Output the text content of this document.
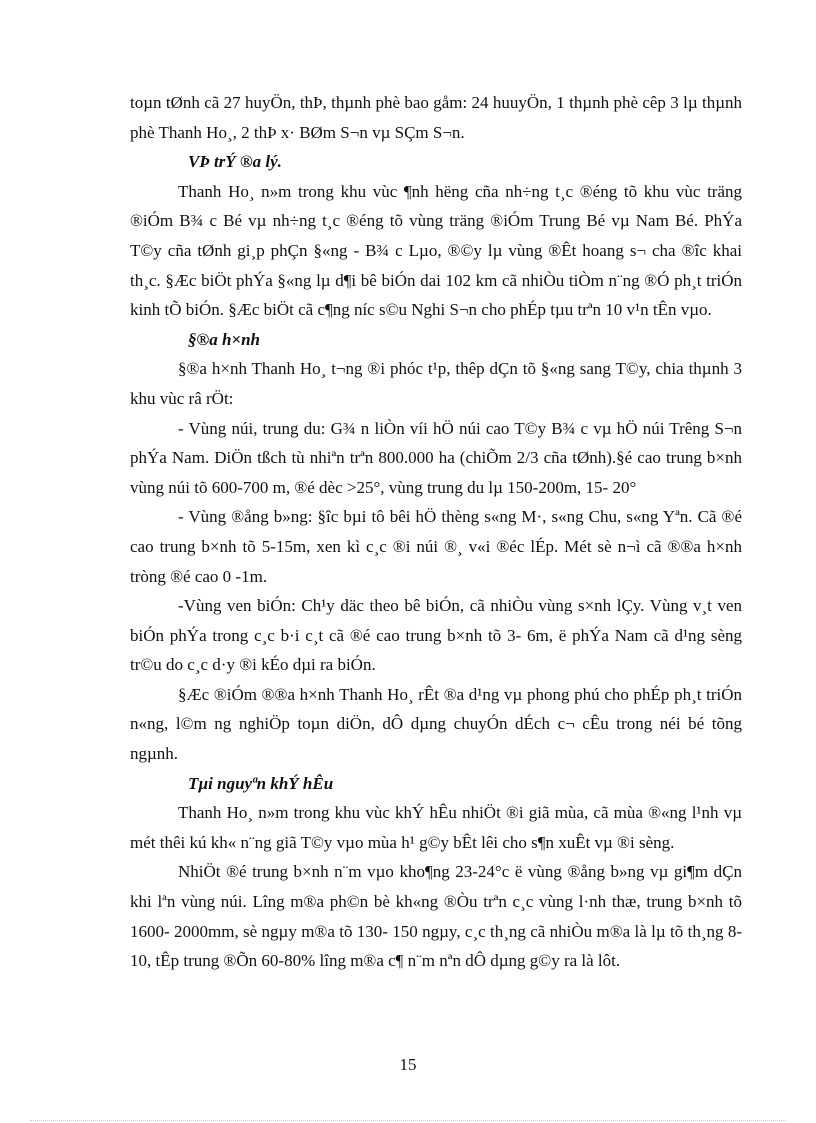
toµn tØnh cã 27 huyÖn, thÞ, thµnh phè bao gåm: 24 huuyÖn, 1 thµnh phè cêp 3 lµ thµnh phè Thanh Ho¸, 2 thÞ x· BØm S¬n vµ SÇm S¬n.

VÞ trÝ ®a lý.

Thanh Ho¸ n»m trong khu vùc ¶nh hëng cña nh÷ng t¸c ®éng tõ khu vùc träng ®iÓm B¾ c Bé vµ nh÷ng t¸c ®éng tõ vùng träng ®iÓm Trung Bé vµ Nam Bé. PhÝa T©y cña tØnh gi¸p phÇn §«ng - B¾ c Lµo, ®©y lµ vùng ®Êt hoang s¬ cha ®îc khai th¸c. §Æc biÖt phÝa §«ng lµ d¶i bê biÓn dai 102 km cã nhiÒu tiÒm n¨ng ®Ó ph¸t triÓn kinh tÕ biÓn. §Æc biÖt cã c¶ng níc s©u Nghi S¬n cho phÉp tµu trªn 10 v¹n tÊn vµo.

§®a h×nh

§®a h×nh Thanh Ho¸ t¬ng ®i phóc t¹p, thêp dÇn tõ §«ng sang T©y, chia thµnh 3 khu vùc râ rÖt:

- Vùng núi, trung du: G¾ n liÒn víi hÖ núi cao T©y B¾ c vµ hÖ núi Trêng S¬n phÝa Nam. DiÖn tßch tù nhiªn trªn 800.000 ha (chiÕm 2/3 cña tØnh).§é cao trung b×nh vùng núi tõ 600-700 m, ®é dèc >25°, vùng trung du lµ 150-200m, 15- 20°

- Vùng ®ång b»ng: §îc bµi tô bêi hÖ thèng s«ng M·, s«ng Chu, s«ng Yªn. Cã ®é cao trung b×nh tõ 5-15m, xen kì c¸c ®i núi ®¸ v«i ®éc lÉp. Mét sè n¬ì cã ®®a h×nh tròng ®é cao 0 -1m.

-Vùng ven biÓn: Ch¹y däc theo bê biÓn, cã nhiÒu vùng s×nh lÇy. Vùng v¸t ven biÓn phÝa trong c¸c b·i c¸t cã ®é cao trung b×nh tõ 3- 6m, ë phÝa Nam cã d¹ng sèng tr©u do c¸c d·y ®i kÉo dµi ra biÓn.

§Æc ®iÓm ®®a h×nh Thanh Ho¸ rÊt ®a d¹ng vµ phong phú cho phÉp ph¸t triÓn n«ng, l©m ng nghiÖp toµn diÖn, dÔ dµng chuyÓn dÉch c¬ cÊu trong néi bé tõng ngµnh.

Tµi nguyªn khÝ hÊu

Thanh Ho¸ n»m trong khu vùc khÝ hÊu nhiÖt ®i giã mùa, cã mùa ®«ng l¹nh vµ mét thêi kú kh« n¨ng giã T©y vµo mùa h¹ g©y bÊt lêi cho s¶n xuÊt vµ ®i sèng.

NhiÖt ®é trung b×nh n¨m vµo kho¶ng 23-24°c ë vùng ®ång b»ng vµ gi¶m dÇn khi lªn vùng núi. Lîng m®a ph©n bè kh«ng ®Òu trªn c¸c vùng l·nh thæ, trung b×nh tõ 1600- 2000mm, sè ngµy m®a tõ 130- 150 ngµy, c¸c th¸ng cã nhiÒu m®a là lµ tõ th¸ng 8-10, tÊp trung ®Õn 60-80% lîng m®a c¶ n¨m nªn dÔ dµng g©y ra là lôt.

15
